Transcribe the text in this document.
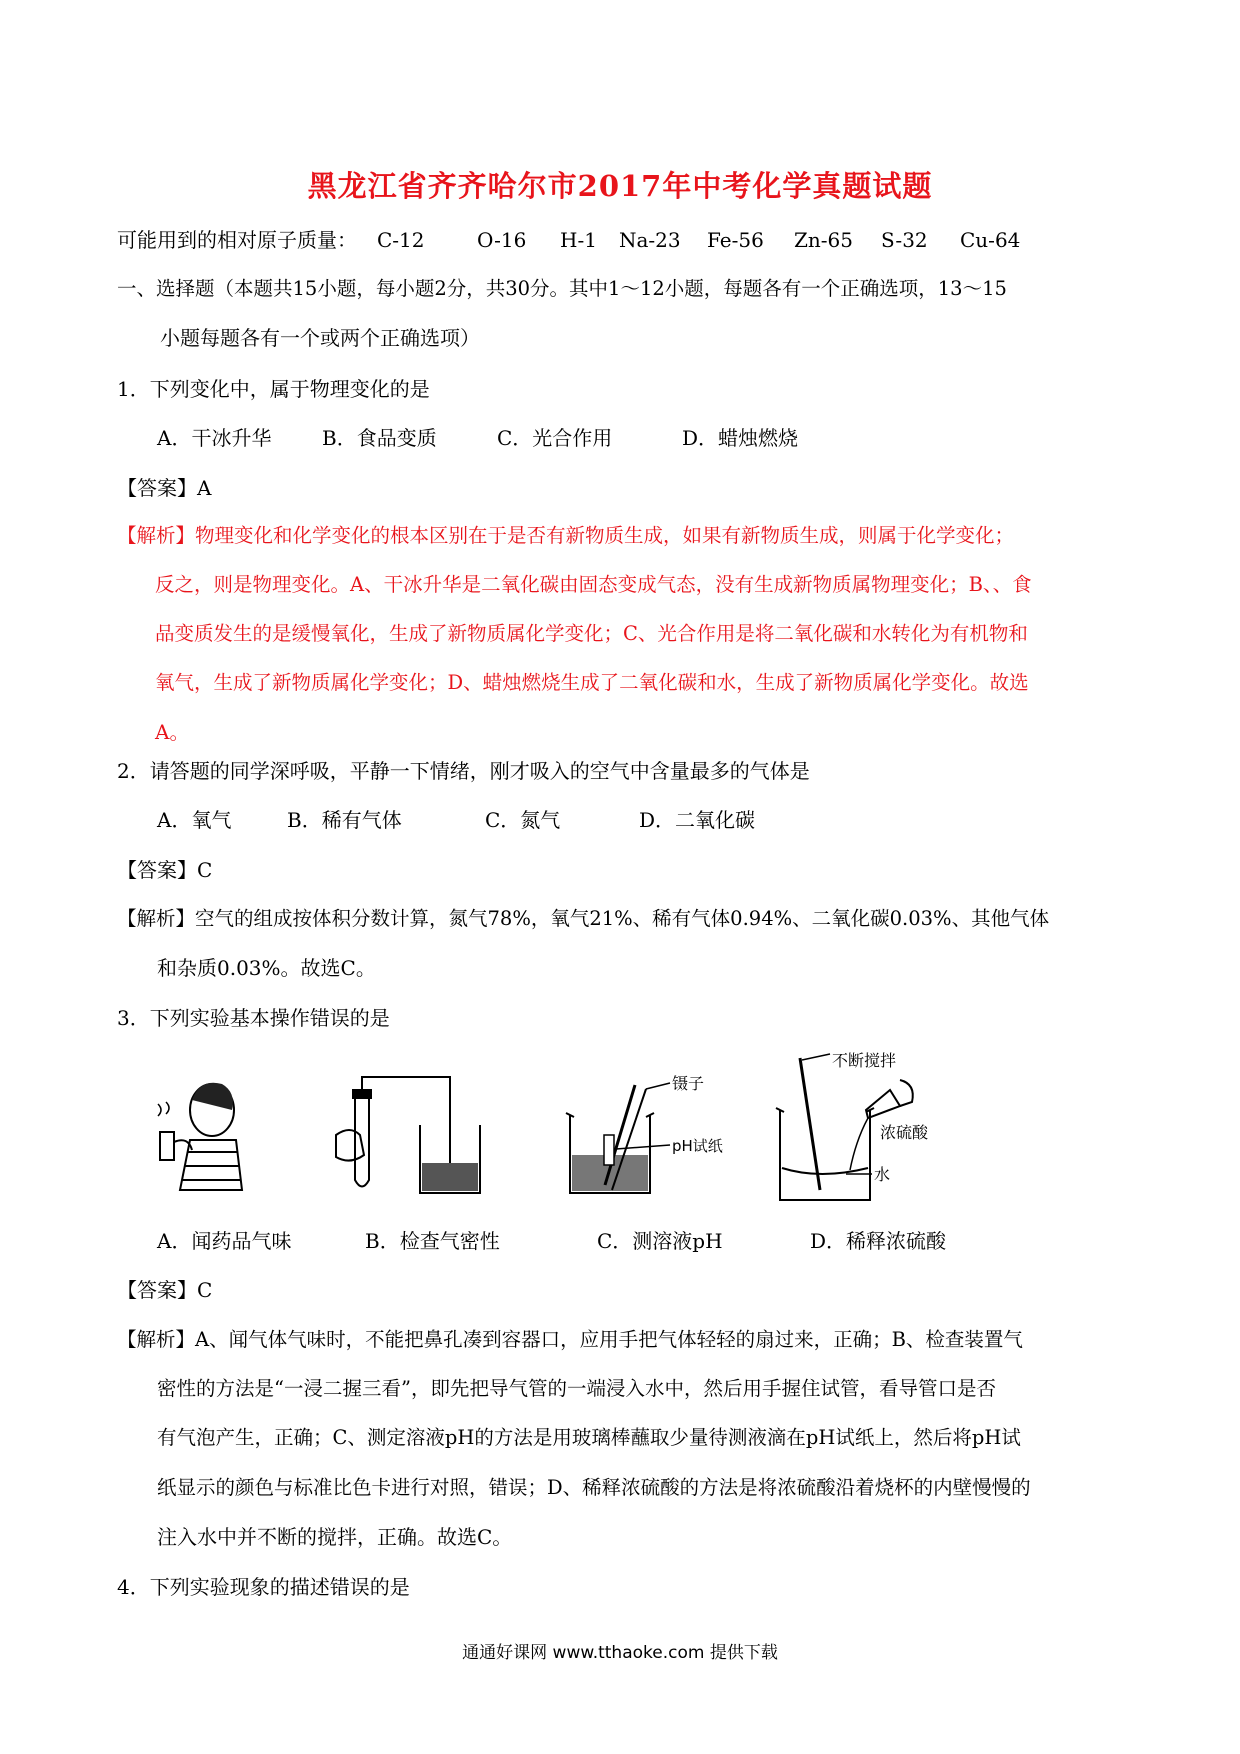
黑龙江省齐齐哈尔市2017年中考化学真题试题
可能用到的相对原子质量： C-12	O-16 H-1 Na-23 Fe-56 Zn-65 S-32 Cu-64
一、选择题（本题共15小题，每小题2分，共30分。其中1～12小题，每题各有一个正确选项，13～15
小题每题各有一个或两个正确选项）
1．下列变化中，属于物理变化的是
A．干冰升华	B．食品变质	C．光合作用	D．蜡烛燃烧
【答案】A
【解析】物理变化和化学变化的根本区别在于是否有新物质生成，如果有新物质生成，则属于化学变化；
反之，则是物理变化。A、干冰升华是二氧化碳由固态变成气态，没有生成新物质属物理变化；B、、食
品变质发生的是缓慢氧化，生成了新物质属化学变化；C、光合作用是将二氧化碳和水转化为有机物和
氧气，生成了新物质属化学变化；D、蜡烛燃烧生成了二氧化碳和水，生成了新物质属化学变化。故选
A。
2．请答题的同学深呼吸，平静一下情绪，刚才吸入的空气中含量最多的气体是
A．氧气	B．稀有气体	C．氮气	D．二氧化碳
【答案】C
【解析】空气的组成按体积分数计算，氮气78%，氧气21%、稀有气体0.94%、二氧化碳0.03%、其他气体
和杂质0.03%。故选C。
3．下列实验基本操作错误的是
镊子
pH试纸
不断搅拌
浓硫酸
水
A．闻药品气味	B．检查气密性	C．测溶液pH	D．稀释浓硫酸
【答案】C
【解析】A、闻气体气味时，不能把鼻孔凑到容器口，应用手把气体轻轻的扇过来，正确；B、检查装置气
密性的方法是“一浸二握三看”，即先把导气管的一端浸入水中，然后用手握住试管，看导管口是否
有气泡产生，正确；C、测定溶液pH的方法是用玻璃棒蘸取少量待测液滴在pH试纸上，然后将pH试
纸显示的颜色与标准比色卡进行对照，错误；D、稀释浓硫酸的方法是将浓硫酸沿着烧杯的内壁慢慢的
注入水中并不断的搅拌，正确。故选C。
4．下列实验现象的描述错误的是
通通好课网 www.tthaoke.com 提供下载
